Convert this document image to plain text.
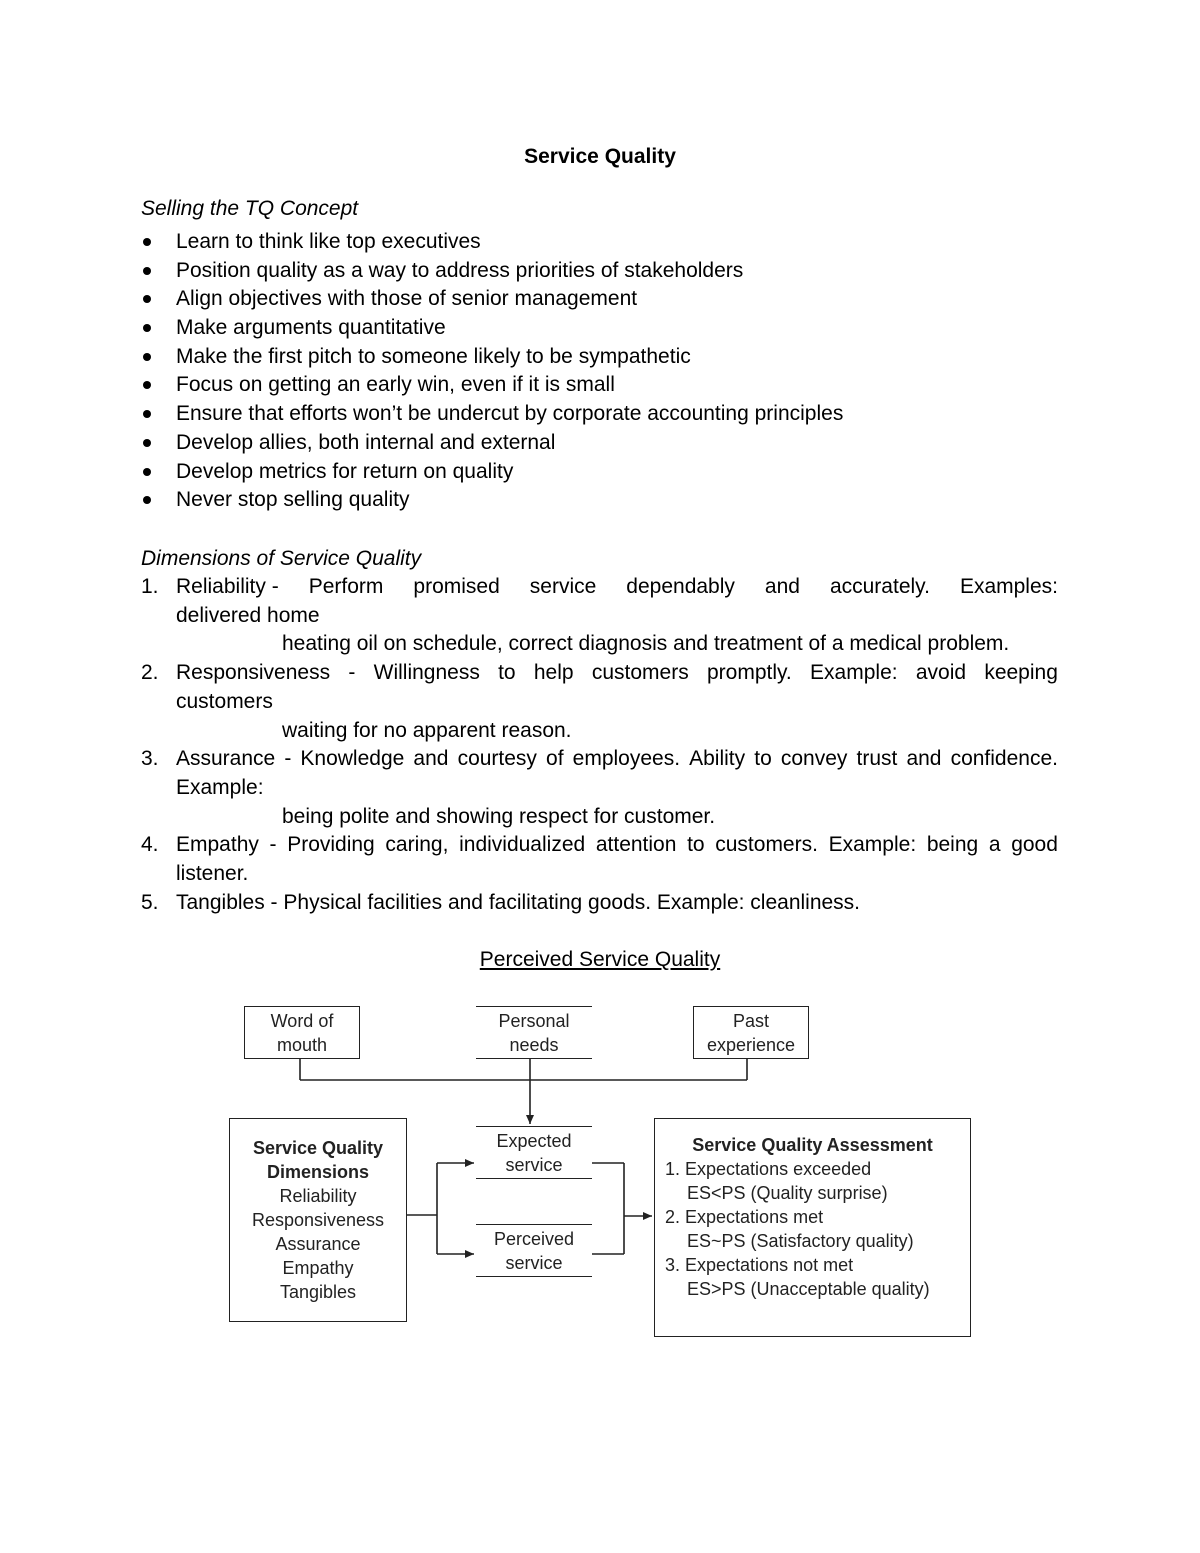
Service Quality
Selling the TQ Concept
Learn to think like top executives
Position quality as a way to address priorities of stakeholders
Align objectives with those of senior management
Make arguments quantitative
Make the first pitch to someone likely to be sympathetic
Focus on getting an early win, even if it is small
Ensure that efforts won’t be undercut by corporate accounting principles
Develop allies, both internal and external
Develop metrics for return on quality
Never stop selling quality
Dimensions of Service Quality
1. Reliability - Perform promised service dependably and accurately. Examples:
delivered home
heating oil on schedule, correct diagnosis and treatment of a medical problem.
2. Responsiveness - Willingness to help customers promptly. Example: avoid keeping
customers
waiting for no apparent reason.
3. Assurance - Knowledge and courtesy of employees. Ability to convey trust and confidence.
Example:
being polite and showing respect for customer.
4. Empathy - Providing caring, individualized attention to customers. Example: being a good
listener.
5. Tangibles - Physical facilities and facilitating goods. Example: cleanliness.
Perceived Service Quality
Word of
mouth
Personal
needs
Past
experience
Expected
service
Perceived
service
Service Quality
Dimensions
Reliability
Responsiveness
Assurance
Empathy
Tangibles
Service Quality Assessment
1. Expectations exceeded
ES<PS (Quality surprise)
2. Expectations met
ES~PS (Satisfactory quality)
3. Expectations not met
ES>PS (Unacceptable quality)
